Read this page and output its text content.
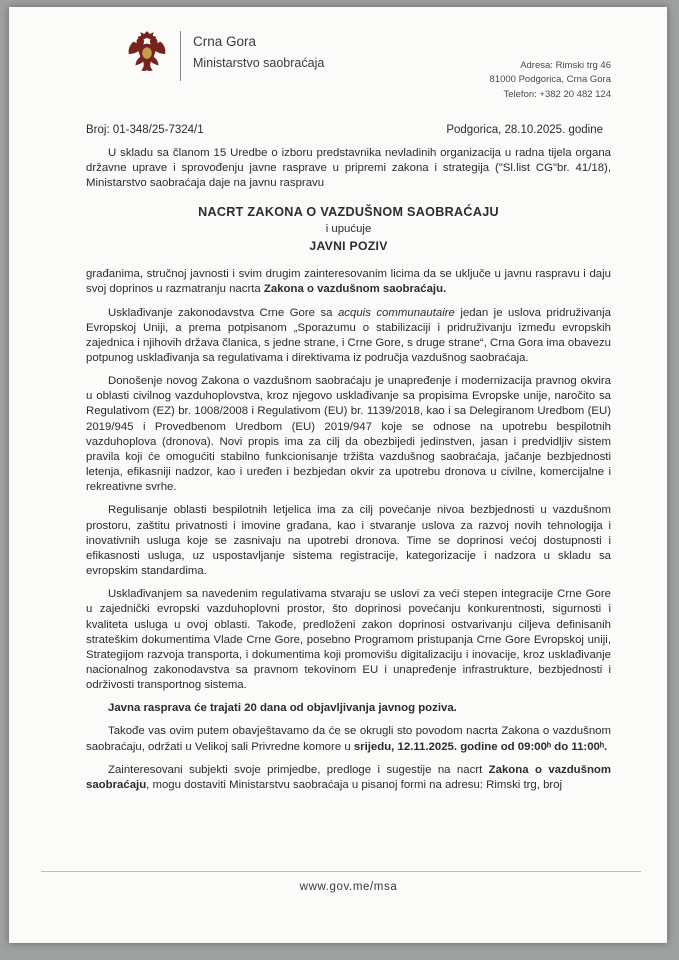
Crna Gora
Ministarstvo saobraćaja	Adresa: Rimski trg 46
81000 Podgorica, Crna Gora
Telefon: +382 20 482 124
Broj: 01-348/25-7324/1	Podgorica, 28.10.2025. godine

U skladu sa članom 15 Uredbe o izboru predstavnika nevladinih organizacija u radna tijela organa državne uprave i sprovođenju javne rasprave u pripremi zakona i strategija ("Sl.list CG"br. 41/18), Ministarstvo saobraćaja daje na javnu raspravu

NACRT ZAKONA O VAZDUŠNOM SAOBRAĆAJU
i upućuje
JAVNI POZIV

građanima, stručnoj javnosti i svim drugim zainteresovanim licima da se uključe u javnu raspravu i daju svoj doprinos u razmatranju nacrta Zakona o vazdušnom saobraćaju.

Usklađivanje zakonodavstva Crne Gore sa acquis communautaire jedan je uslova pridruživanja Evropskoj Uniji, a prema potpisanom „Sporazumu o stabilizaciji i pridruživanju između evropskih zajednica i njihovih država članica, s jedne strane, i Crne Gore, s druge strane“, Crna Gora ima obavezu potpunog usklađivanja sa regulativama i direktivama iz područja vazdušnog saobraćaja.

Donošenje novog Zakona o vazdušnom saobraćaju je unapređenje i modernizacija pravnog okvira u oblasti civilnog vazduhoplovstva, kroz njegovo usklađivanje sa propisima Evropske unije, naročito sa Regulativom (EZ) br. 1008/2008 i Regulativom (EU) br. 1139/2018, kao i sa Delegiranom Uredbom (EU) 2019/945 i Provedbenom Uredbom (EU) 2019/947 koje se odnose na upotrebu bespilotnih vazduhoplova (dronova). Novi propis ima za cilj da obezbijedi jedinstven, jasan i predvidljiv sistem pravila koji će omogućiti stabilno funkcionisanje tržišta vazdušnog saobraćaja, jačanje bezbjednosti letenja, efikasniji nadzor, kao i uređen i bezbjedan okvir za upotrebu dronova u civilne, komercijalne i rekreativne svrhe.

Regulisanje oblasti bespilotnih letjelica ima za cilj povećanje nivoa bezbjednosti u vazdušnom prostoru, zaštitu privatnosti i imovine građana, kao i stvaranje uslova za razvoj novih tehnologija i inovativnih usluga koje se zasnivaju na upotrebi dronova. Time se doprinosi većoj dostupnosti i efikasnosti usluga, uz uspostavljanje sistema registracije, kategorizacije i nadzora u skladu sa evropskim standardima.

Usklađivanjem sa navedenim regulativama stvaraju se uslovi za veći stepen integracije Crne Gore u zajednički evropski vazduhoplovni prostor, što doprinosi povećanju konkurentnosti, sigurnosti i kvaliteta usluga u ovoj oblasti. Takođe, predloženi zakon doprinosi ostvarivanju ciljeva definisanih strateškim dokumentima Vlade Crne Gore, posebno Programom pristupanja Crne Gore Evropskoj uniji, Strategijom razvoja transporta, i dokumentima koji promovišu digitalizaciju i inovacije, kroz usklađivanje nacionalnog zakonodavstva sa pravnom tekovinom EU i unapređenje infrastrukture, bezbjednosti i održivosti transportnog sistema.

Javna rasprava će trajati 20 dana od objavljivanja javnog poziva.

Takođe vas ovim putem obavještavamo da će se okrugli sto povodom nacrta Zakona o vazdušnom saobraćaju, održati u Velikoj sali Privredne komore u srijedu, 12.11.2025. godine od 09:00ʰ do 11:00ʰ.

Zainteresovani subjekti svoje primjedbe, predloge i sugestije na nacrt Zakona o vazdušnom saobraćaju, mogu dostaviti Ministarstvu saobraćaja u pisanoj formi na adresu: Rimski trg, broj

www.gov.me/msa
